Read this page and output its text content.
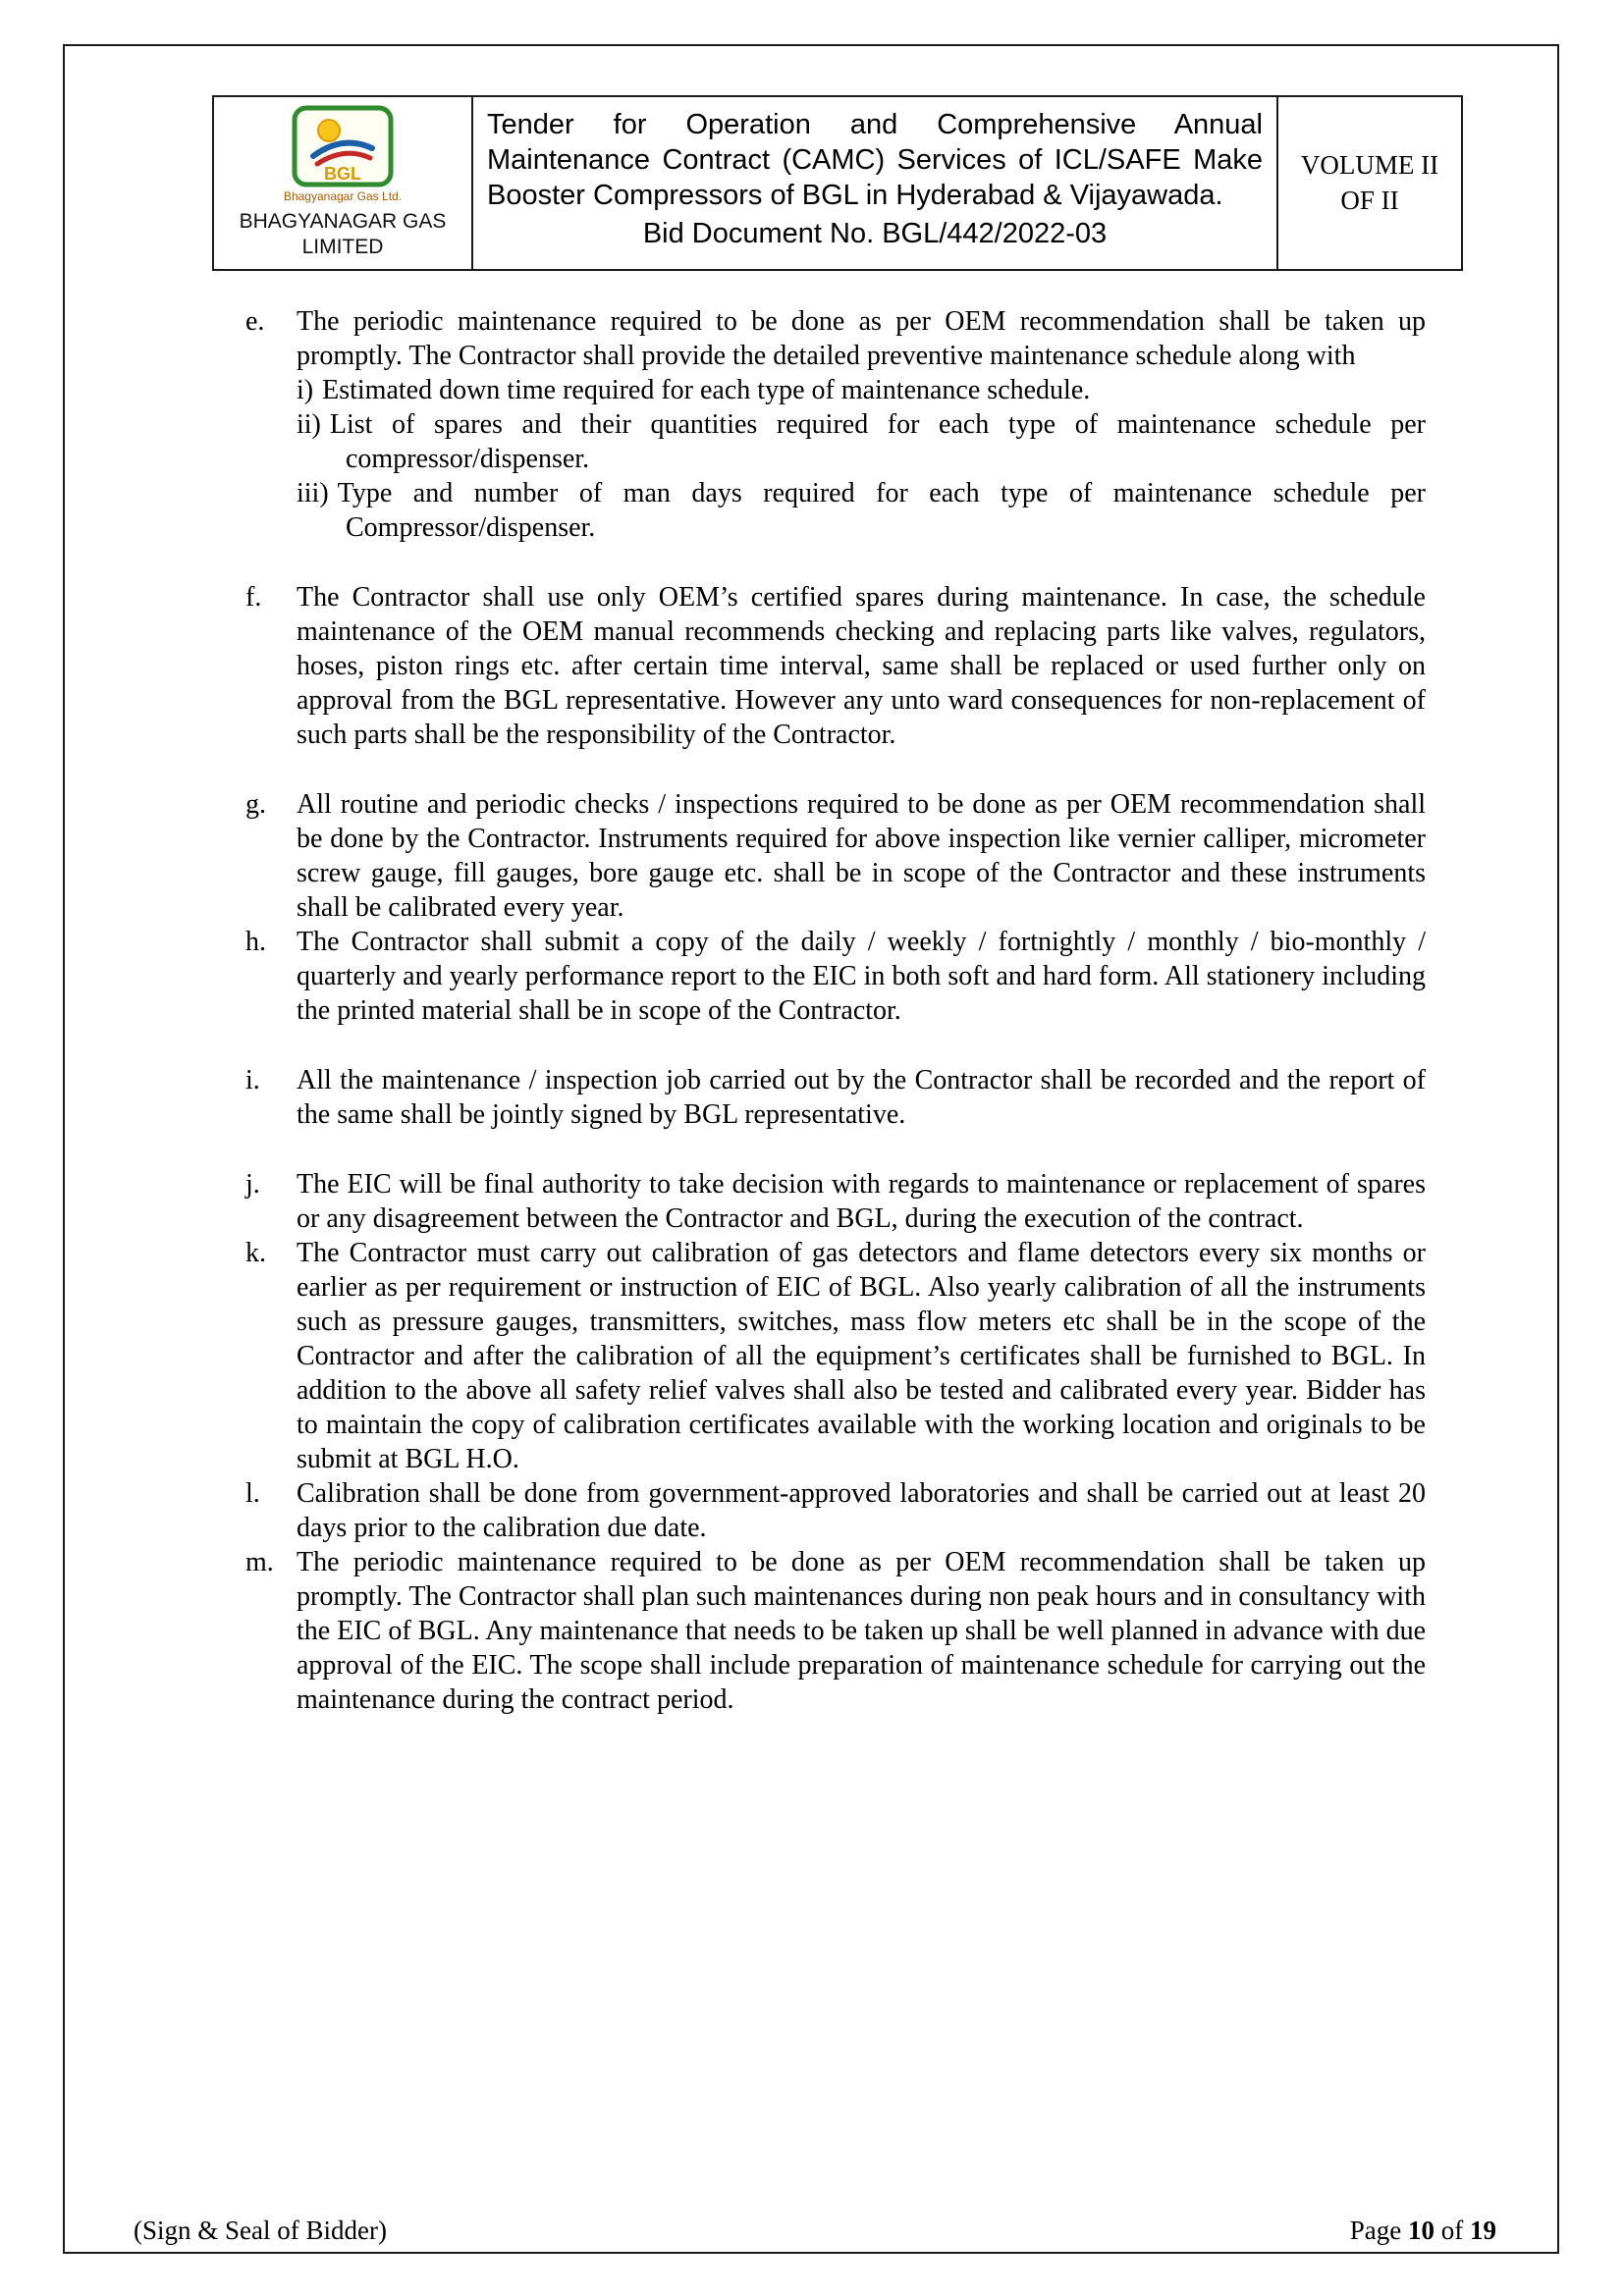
BGL
Bhagyanagar Gas Ltd.
BHAGYANAGAR GAS
LIMITED
Tender for Operation and Comprehensive Annual Maintenance Contract (CAMC) Services of ICL/SAFE Make Booster Compressors of BGL in Hyderabad & Vijayawada.
Bid Document No. BGL/442/2022-03
VOLUME II
OF II
e.	The periodic maintenance required to be done as per OEM recommendation shall be taken up promptly. The Contractor shall provide the detailed preventive maintenance schedule along with
i) Estimated down time required for each type of maintenance schedule.
ii) List of spares and their quantities required for each type of maintenance schedule per compressor/dispenser.
iii) Type and number of man days required for each type of maintenance schedule per Compressor/dispenser.
f.	The Contractor shall use only OEM’s certified spares during maintenance. In case, the schedule maintenance of the OEM manual recommends checking and replacing parts like valves, regulators, hoses, piston rings etc. after certain time interval, same shall be replaced or used further only on approval from the BGL representative. However any unto ward consequences for non-replacement of such parts shall be the responsibility of the Contractor.
g.	All routine and periodic checks / inspections required to be done as per OEM recommendation shall be done by the Contractor. Instruments required for above inspection like vernier calliper, micrometer screw gauge, fill gauges, bore gauge etc. shall be in scope of the Contractor and these instruments shall be calibrated every year.
h.	The Contractor shall submit a copy of the daily / weekly / fortnightly / monthly / bio-monthly / quarterly and yearly performance report to the EIC in both soft and hard form. All stationery including the printed material shall be in scope of the Contractor.
i.	All the maintenance / inspection job carried out by the Contractor shall be recorded and the report of the same shall be jointly signed by BGL representative.
j.	The EIC will be final authority to take decision with regards to maintenance or replacement of spares or any disagreement between the Contractor and BGL, during the execution of the contract.
k.	The Contractor must carry out calibration of gas detectors and flame detectors every six months or earlier as per requirement or instruction of EIC of BGL. Also yearly calibration of all the instruments such as pressure gauges, transmitters, switches, mass flow meters etc shall be in the scope of the Contractor and after the calibration of all the equipment’s certificates shall be furnished to BGL. In addition to the above all safety relief valves shall also be tested and calibrated every year. Bidder has to maintain the copy of calibration certificates available with the working location and originals to be submit at BGL H.O.
l.	Calibration shall be done from government-approved laboratories and shall be carried out at least 20 days prior to the calibration due date.
m. The periodic maintenance required to be done as per OEM recommendation shall be taken up promptly. The Contractor shall plan such maintenances during non peak hours and in consultancy with the EIC of BGL. Any maintenance that needs to be taken up shall be well planned in advance with due approval of the EIC. The scope shall include preparation of maintenance schedule for carrying out the maintenance during the contract period.
(Sign & Seal of Bidder)	Page 10 of 19
